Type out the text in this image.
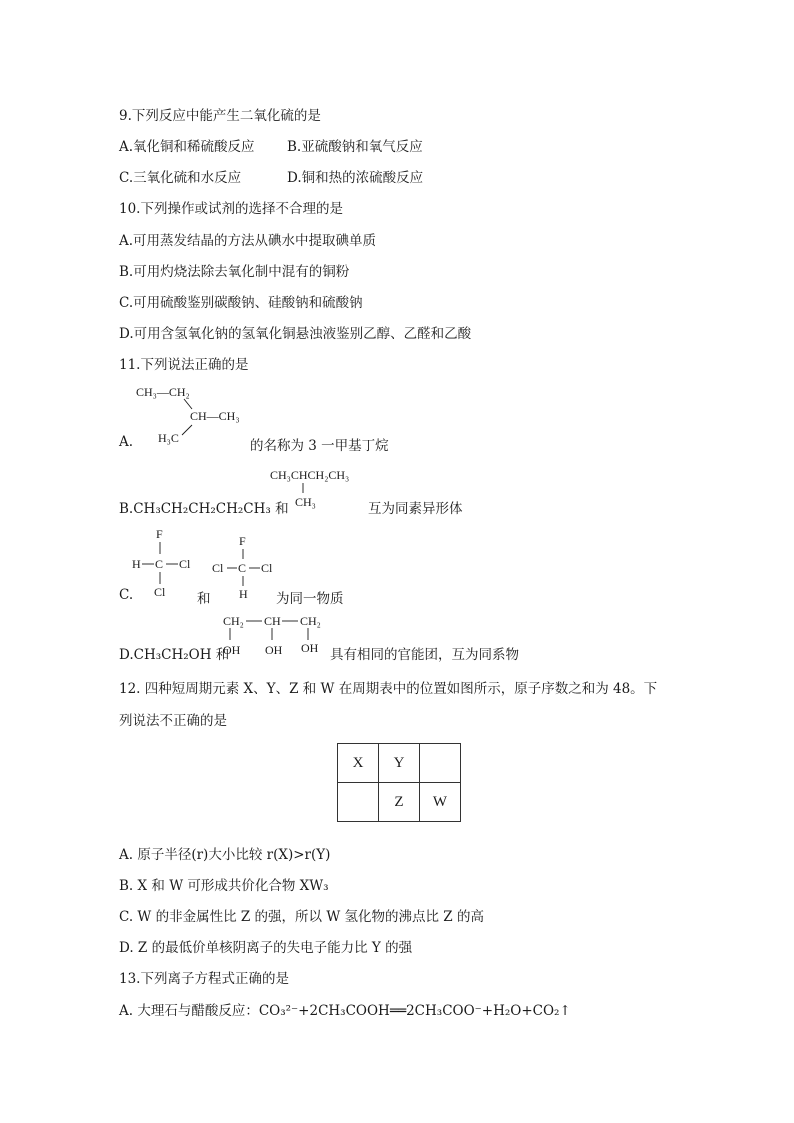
9.下列反应中能产生二氧化硫的是
A.氧化铜和稀硫酸反应 B.亚硫酸钠和氧气反应
C.三氧化硫和水反应	D.铜和热的浓硫酸反应
10.下列操作或试剂的选择不合理的是
A.可用蒸发结晶的方法从碘水中提取碘单质
B.可用灼烧法除去氧化制中混有的铜粉
C.可用硫酸鉴别碳酸钠、硅酸钠和硫酸钠
D.可用含氢氧化钠的氢氧化铜悬浊液鉴别乙醇、乙醛和乙酸
11.下列说法正确的是
A.
CH₃—CH₂
CH—CH₃
H₃C	的名称为 3 一甲基丁烷
B.CH₃CH₂CH₂CH₂CH₃ 和
CH₃CHCH₂CH₃
CH₃	互为同素异形体
C.
F
H C Cl
Cl 和
F
Cl C Cl
H 为同一物质
D.CH₃CH₂OH 和
CH₂ CH CH₂
OH OH OH 具有相同的官能团，互为同系物
12. 四种短周期元素 X、Y、Z 和 W 在周期表中的位置如图所示，原子序数之和为 48。下
列说法不正确的是
X	Y	
	Z	W
A. 原子半径(r)大小比较 r(X)>r(Y)
B. X 和 W 可形成共价化合物 XW₃
C. W 的非金属性比 Z 的强，所以 W 氢化物的沸点比 Z 的高
D. Z 的最低价单核阴离子的失电子能力比 Y 的强
13.下列离子方程式正确的是
A. 大理石与醋酸反应：CO₃²⁻+2CH₃COOH══2CH₃COO⁻+H₂O+CO₂↑
